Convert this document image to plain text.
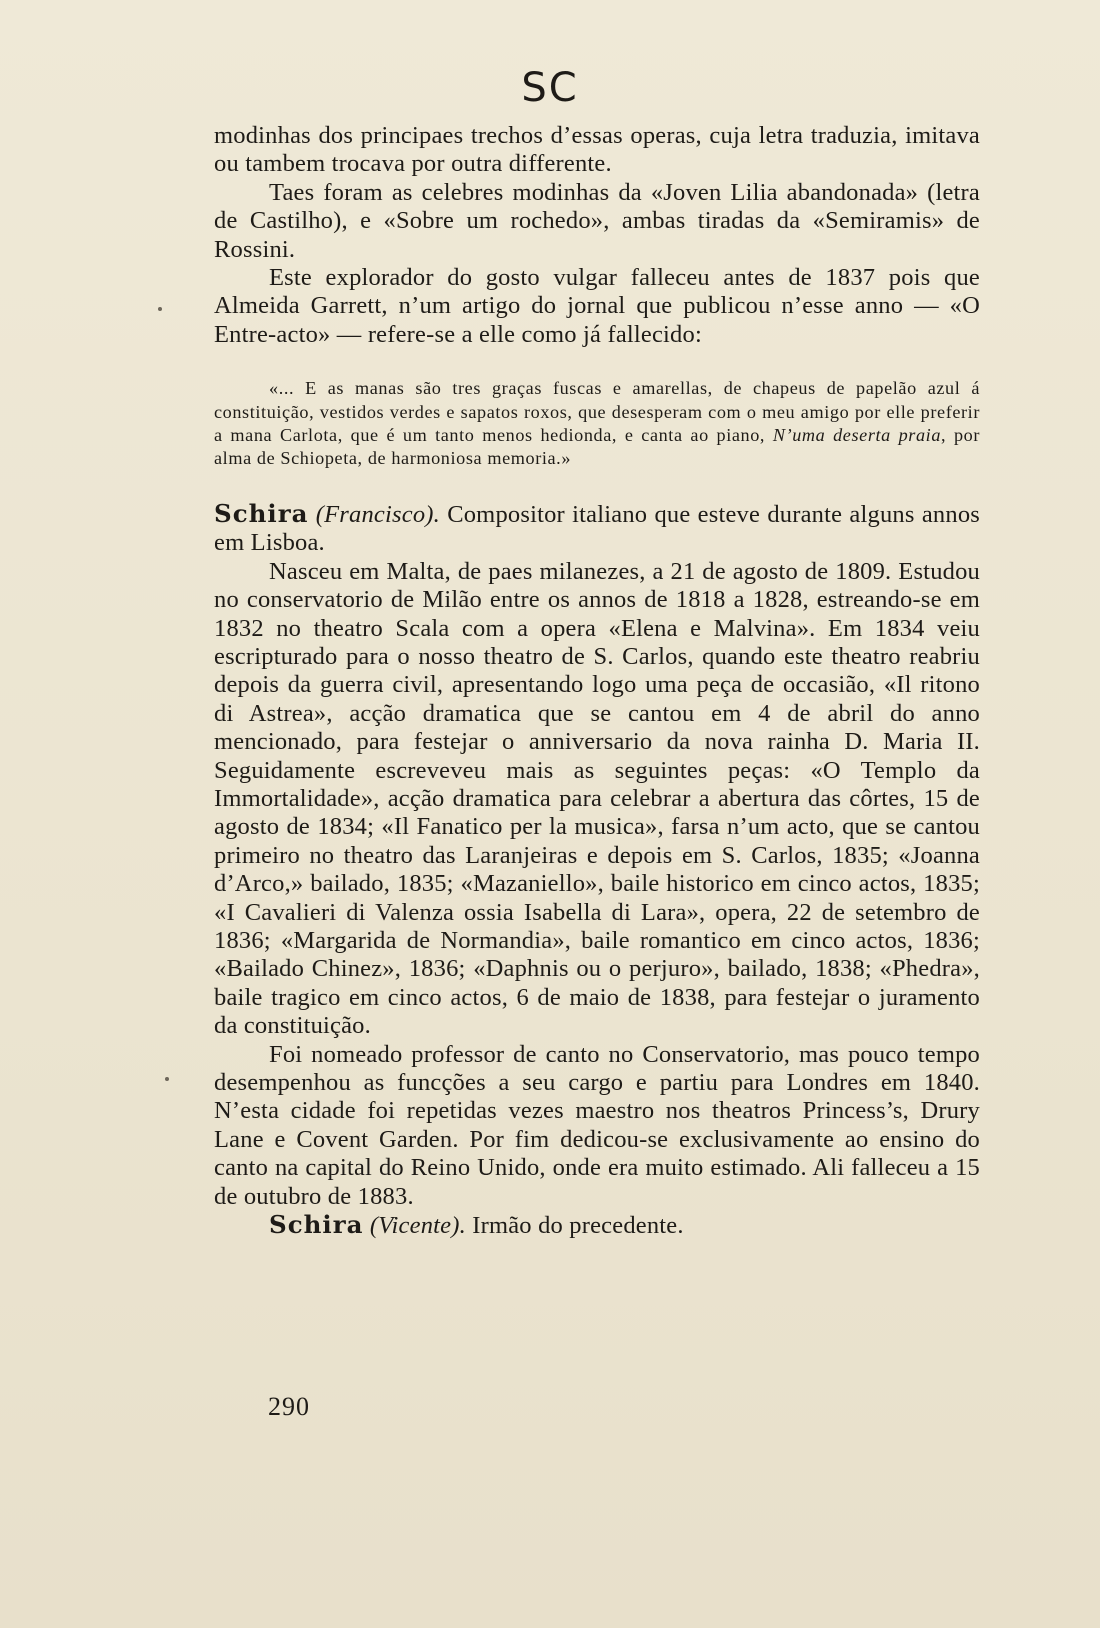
SC

modinhas dos principaes trechos d’essas operas, cuja letra traduzia, imitava ou tambem trocava por outra differente.

Taes foram as celebres modinhas da «Joven Lilia abandonada» (letra de Castilho), e «Sobre um rochedo», ambas tiradas da «Semiramis» de Rossini.

Este explorador do gosto vulgar falleceu antes de 1837 pois que Almeida Garrett, n’um artigo do jornal que publicou n’esse anno — «O Entre-acto» — refere-se a elle como já fallecido:

«... E as manas são tres graças fuscas e amarellas, de chapeus de papelão azul á constituição, vestidos verdes e sapatos roxos, que desesperam com o meu amigo por elle preferir a mana Carlota, que é um tanto menos hedionda, e canta ao piano, N’uma deserta praia, por alma de Schiopeta, de harmoniosa memoria.»

Schira (Francisco). Compositor italiano que esteve durante alguns annos em Lisboa.

Nasceu em Malta, de paes milanezes, a 21 de agosto de 1809. Estudou no conservatorio de Milão entre os annos de 1818 a 1828, estreando-se em 1832 no theatro Scala com a opera «Elena e Malvina». Em 1834 veiu escripturado para o nosso theatro de S. Carlos, quando este theatro reabriu depois da guerra civil, apresentando logo uma peça de occasião, «Il ritono di Astrea», acção dramatica que se cantou em 4 de abril do anno mencionado, para festejar o anniversario da nova rainha D. Maria II. Seguidamente escreveveu mais as seguintes peças: «O Templo da Immortalidade», acção dramatica para celebrar a abertura das côrtes, 15 de agosto de 1834; «Il Fanatico per la musica», farsa n’um acto, que se cantou primeiro no theatro das Laranjeiras e depois em S. Carlos, 1835; «Joanna d’Arco,» bailado, 1835; «Mazaniello», baile historico em cinco actos, 1835; «I Cavalieri di Valenza ossia Isabella di Lara», opera, 22 de setembro de 1836; «Margarida de Normandia», baile romantico em cinco actos, 1836; «Bailado Chinez», 1836; «Daphnis ou o perjuro», bailado, 1838; «Phedra», baile tragico em cinco actos, 6 de maio de 1838, para festejar o juramento da constituição.

Foi nomeado professor de canto no Conservatorio, mas pouco tempo desempenhou as funcções a seu cargo e partiu para Londres em 1840. N’esta cidade foi repetidas vezes maestro nos theatros Princess’s, Drury Lane e Covent Garden. Por fim dedicou-se exclusivamente ao ensino do canto na capital do Reino Unido, onde era muito estimado. Ali falleceu a 15 de outubro de 1883.

Schira (Vicente). Irmão do precedente.

290
